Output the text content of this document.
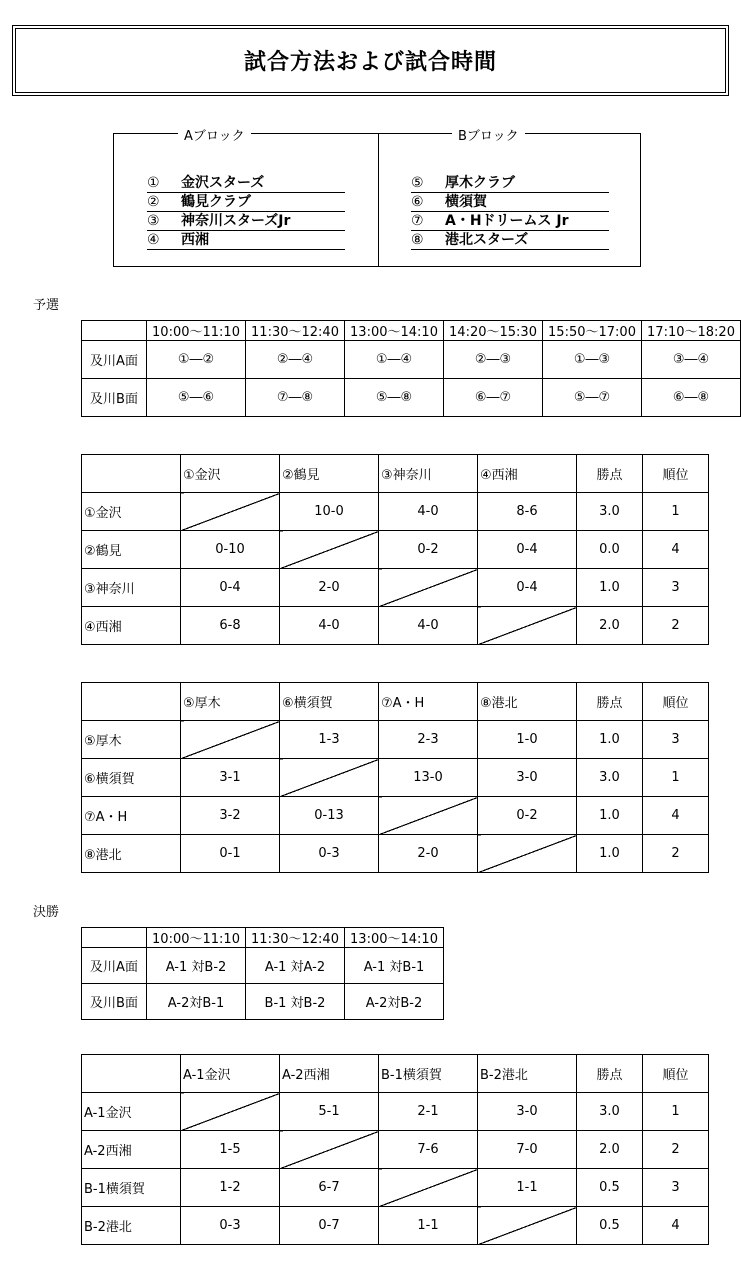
試合方法および試合時間
Aブロック	Bブロック
①	金沢スターズ
②	鶴見クラブ
③	神奈川スターズJr
④	西湘
⑤	厚木クラブ
⑥	横須賀
⑦	A・Hドリームス Jr
⑧	港北スターズ
予選
	10:00～11:10	11:30～12:40	13:00～14:10	14:20～15:30	15:50～17:00	17:10～18:20
及川A面	①―②	②―④	①―④	②―③	①―③	③―④
及川B面	⑤―⑥	⑦―⑧	⑤―⑧	⑥―⑦	⑤―⑦	⑥―⑧
	①金沢	②鶴見	③神奈川	④西湘	勝点	順位
①金沢		10-0	4-0	8-6	3.0	1
②鶴見	0-10		0-2	0-4	0.0	4
③神奈川	0-4	2-0		0-4	1.0	3
④西湘	6-8	4-0	4-0		2.0	2
	⑤厚木	⑥横須賀	⑦A・H	⑧港北	勝点	順位
⑤厚木		1-3	2-3	1-0	1.0	3
⑥横須賀	3-1		13-0	3-0	3.0	1
⑦A・H	3-2	0-13		0-2	1.0	4
⑧港北	0-1	0-3	2-0		1.0	2
決勝
	10:00～11:10	11:30～12:40	13:00～14:10
及川A面	A-1 対B-2	A-1 対A-2	A-1 対B-1
及川B面	A-2対B-1	B-1 対B-2	A-2対B-2
	A-1金沢	A-2西湘	B-1横須賀	B-2港北	勝点	順位
A-1金沢		5-1	2-1	3-0	3.0	1
A-2西湘	1-5		7-6	7-0	2.0	2
B-1横須賀	1-2	6-7		1-1	0.5	3
B-2港北	0-3	0-7	1-1		0.5	4
